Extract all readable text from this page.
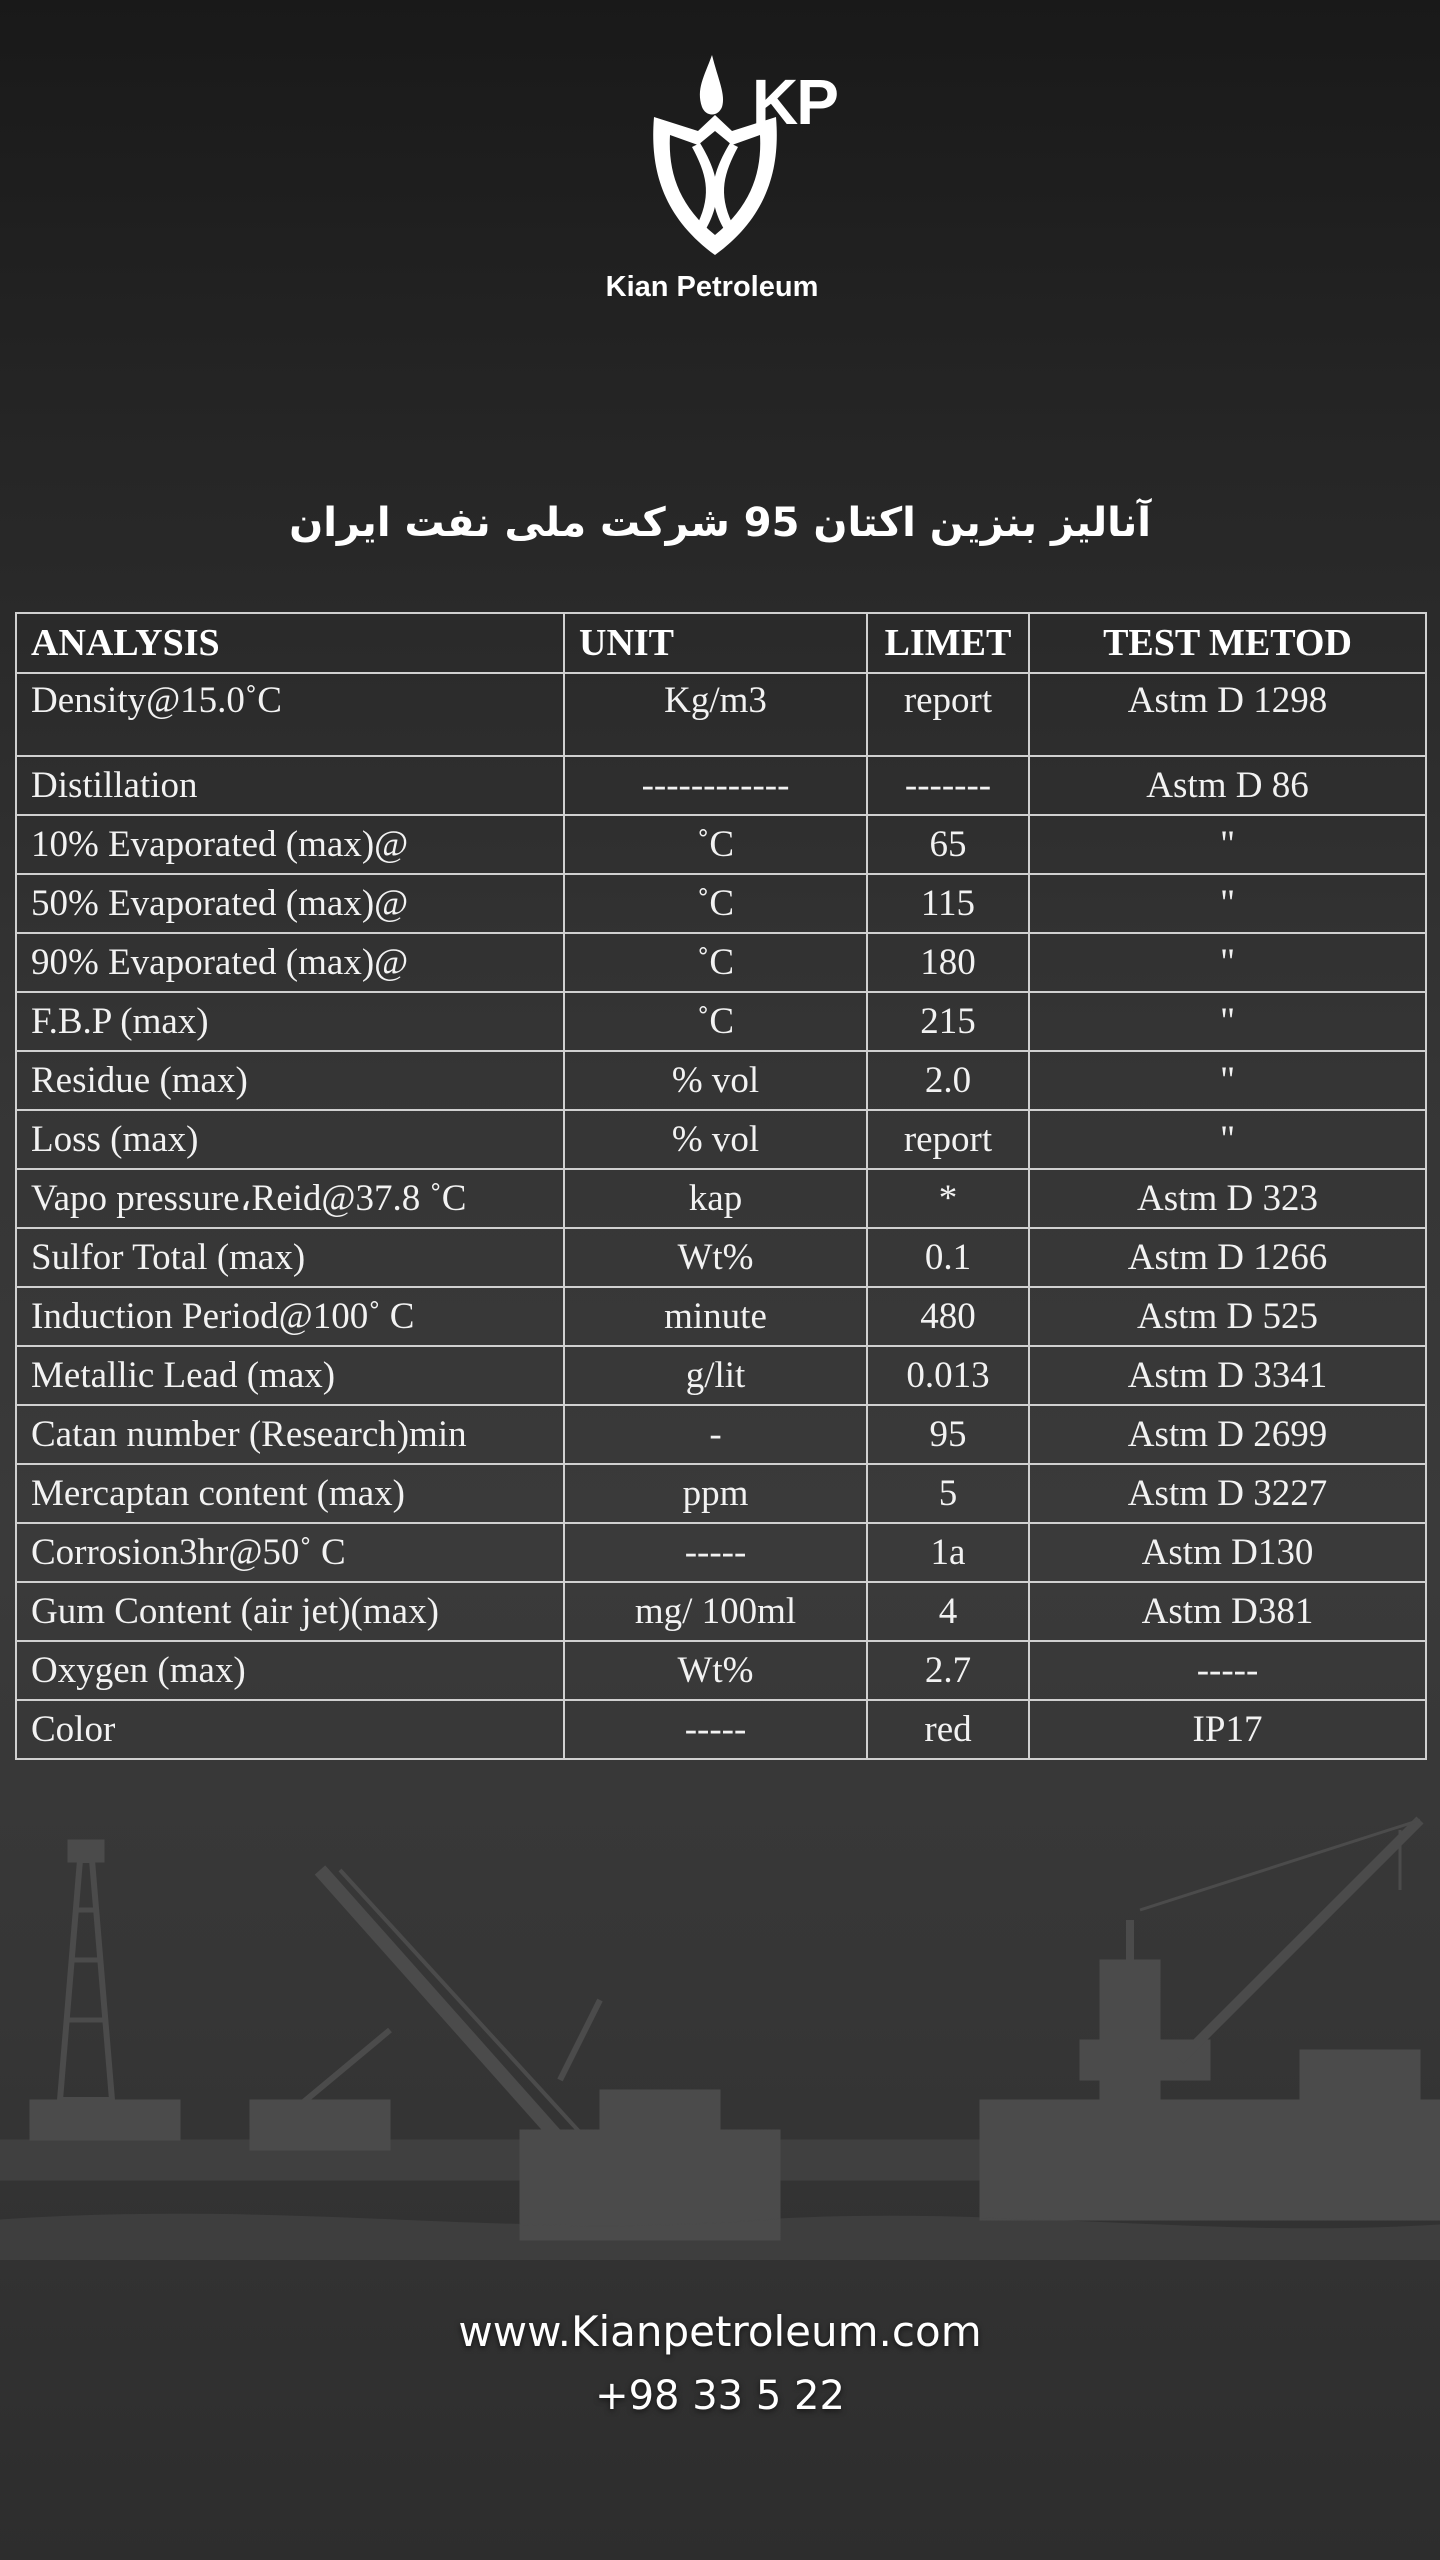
KP
Kian Petroleum
آنالیز بنزین اکتان 95 شرکت ملی نفت ایران
ANALYSIS	UNIT	LIMET	TEST METOD
Density@15.0˚C	Kg/m3	report	Astm D 1298
Distillation	------------	-------	Astm D 86
10% Evaporated (max)@	˚C	65	"
50% Evaporated (max)@	˚C	115	"
90% Evaporated (max)@	˚C	180	"
F.B.P (max)	˚C	215	"
Residue (max)	% vol	2.0	"
Loss (max)	% vol	report	"
Vapo pressure،Reid@37.8 ˚C	kap	*	Astm D 323
Sulfor Total (max)	Wt%	0.1	Astm D 1266
Induction Period@100˚ C	minute	480	Astm D 525
Metallic Lead (max)	g/lit	0.013	Astm D 3341
Catan number (Research)min	-	95	Astm D 2699
Mercaptan content (max)	ppm	5	Astm D 3227
Corrosion3hr@50˚ C	-----	1a	Astm D130
Gum Content (air jet)(max)	mg/ 100ml	4	Astm D381
Oxygen (max)	Wt%	2.7	-----
Color	-----	red	IP17
www.Kianpetroleum.com
+98 33 5 22
